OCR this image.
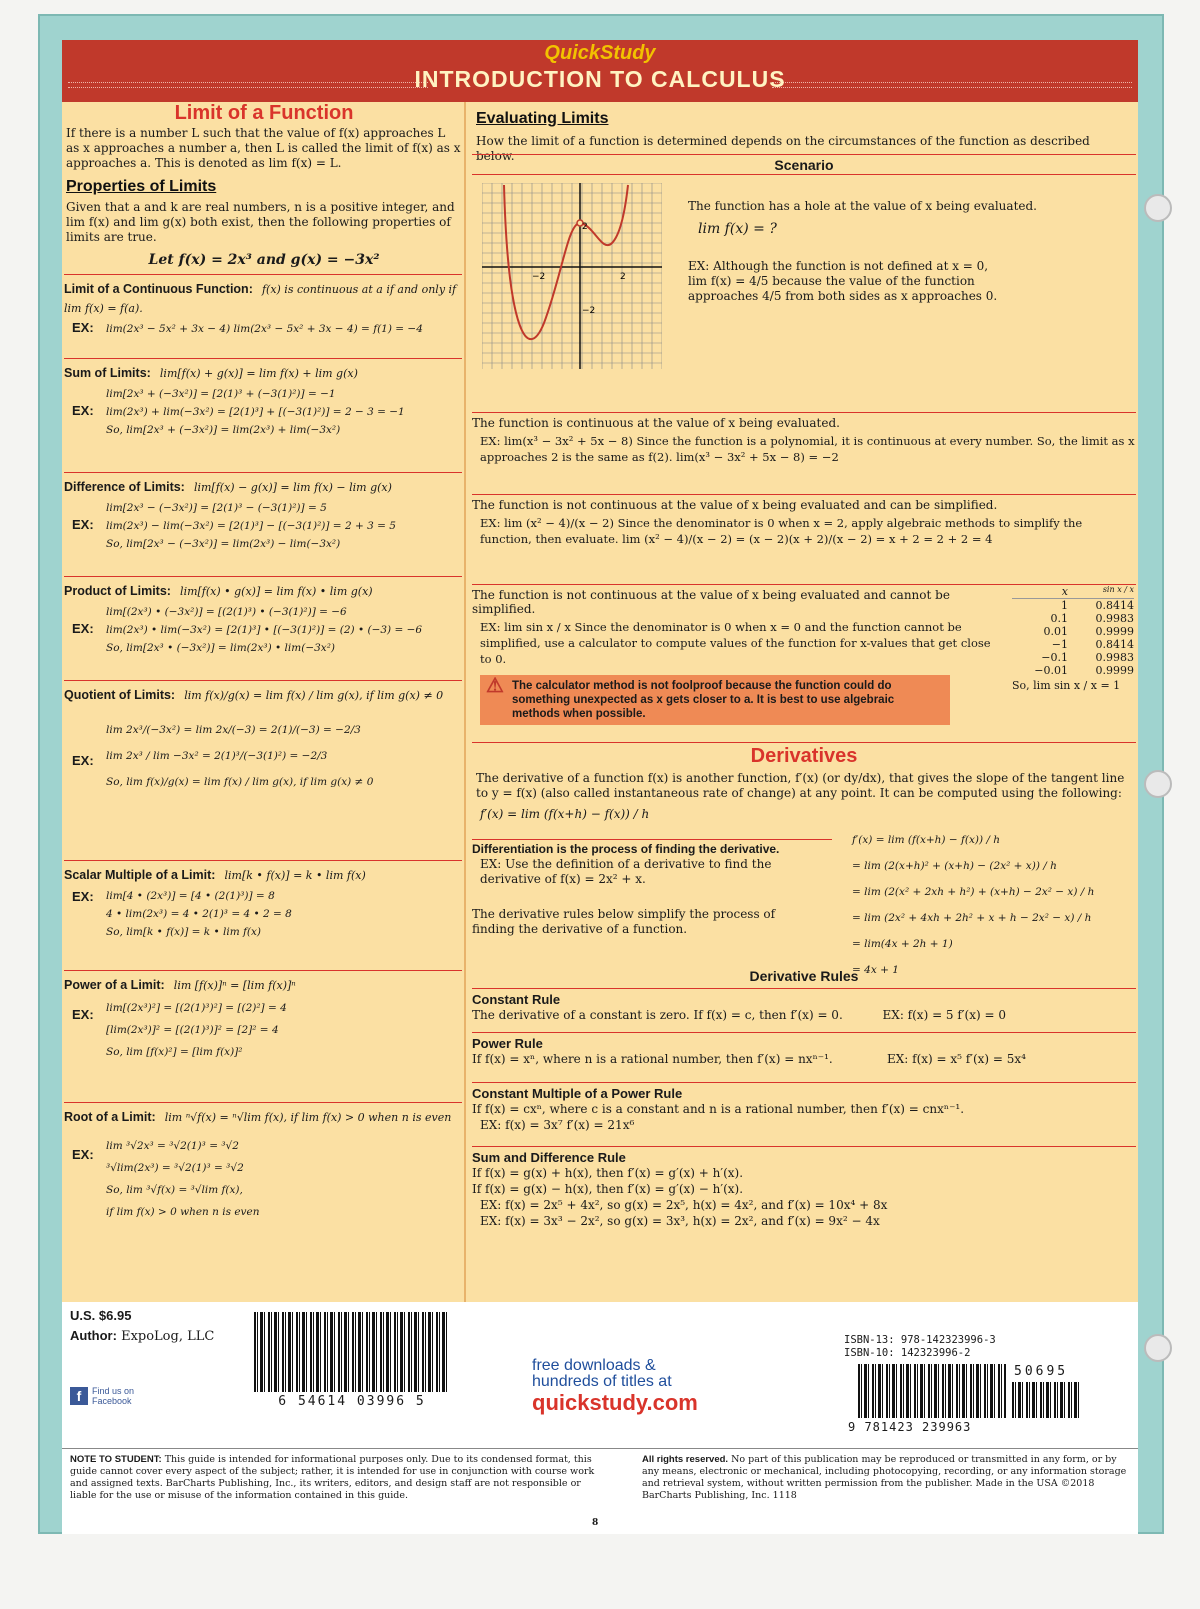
QuickStudy
INTRODUCTION TO CALCULUS
Limit of a Function
If there is a number L such that the value of f(x) approaches L as x approaches a number a, then L is called the limit of f(x) as x approaches a. This is denoted as lim f(x) = L.
Properties of Limits
Given that a and k are real numbers, n is a positive integer, and lim f(x) and lim g(x) both exist, then the following properties of limits are true.
Let f(x) = 2x³ and g(x) = −3x²
Limit of a Continuous Function: f(x) is continuous at a if and only if lim f(x) = f(a).
EX: lim(2x³ − 5x² + 3x − 4) lim(2x³ − 5x² + 3x − 4) = f(1) = −4
Sum of Limits: lim[f(x) + g(x)] = lim f(x) + lim g(x)
EX:
lim[2x³ + (−3x²)] = [2(1)³ + (−3(1)²)] = −1
lim(2x³) + lim(−3x²) = [2(1)³] + [(−3(1)²)] = 2 − 3 = −1
So, lim[2x³ + (−3x²)] = lim(2x³) + lim(−3x²)
Difference of Limits: lim[f(x) − g(x)] = lim f(x) − lim g(x)
EX:
lim[2x³ − (−3x²)] = [2(1)³ − (−3(1)²)] = 5
lim(2x³) − lim(−3x²) = [2(1)³] − [(−3(1)²)] = 2 + 3 = 5
So, lim[2x³ − (−3x²)] = lim(2x³) − lim(−3x²)
Product of Limits: lim[f(x) • g(x)] = lim f(x) • lim g(x)
EX:
lim[(2x³) • (−3x²)] = [(2(1)³) • (−3(1)²)] = −6
lim(2x³) • lim(−3x²) = [2(1)³] • [(−3(1)²)] = (2) • (−3) = −6
So, lim[2x³ • (−3x²)] = lim(2x³) • lim(−3x²)
Quotient of Limits: lim f(x)/g(x) = lim f(x) / lim g(x), if lim g(x) ≠ 0
EX:
lim 2x³/(−3x²) = lim 2x/(−3) = 2(1)/(−3) = −2/3
lim 2x³ / lim −3x² = 2(1)³/(−3(1)²) = −2/3
So, lim f(x)/g(x) = lim f(x) / lim g(x), if lim g(x) ≠ 0
Scalar Multiple of a Limit: lim[k • f(x)] = k • lim f(x)
EX: lim[4 • (2x³)] = [4 • (2(1)³)] = 8
4 • lim(2x³) = 4 • 2(1)³ = 4 • 2 = 8
So, lim[k • f(x)] = k • lim f(x)
Power of a Limit: lim [f(x)]ⁿ = [lim f(x)]ⁿ
EX: lim[(2x³)²] = [(2(1)³)²] = [(2)²] = 4
[lim(2x³)]² = [(2(1)³)]² = [2]² = 4
So, lim [f(x)²] = [lim f(x)]²
Root of a Limit: lim ⁿ√f(x) = ⁿ√lim f(x), if lim f(x) > 0 when n is even
EX:
lim ³√2x³ = ³√2(1)³ = ³√2
³√lim(2x³) = ³√2(1)³ = ³√2
So, lim ³√f(x) = ³√lim f(x),
if lim f(x) > 0 when n is even
Evaluating Limits
How the limit of a function is determined depends on the circumstances of the function as described below.
Scenario
−2	2
2
−2
The function has a hole at the value of x being evaluated.
lim f(x) = ?
EX: Although the function is not defined at x = 0, lim f(x) = 4/5 because the value of the function approaches 4/5 from both sides as x approaches 0.
The function is continuous at the value of x being evaluated.
EX: lim(x³ − 3x² + 5x − 8) Since the function is a polynomial, it is continuous at every number. So, the limit as x approaches 2 is the same as f(2). lim(x³ − 3x² + 5x − 8) = −2
The function is not continuous at the value of x being evaluated and can be simplified.
EX: lim (x² − 4)/(x − 2) Since the denominator is 0 when x = 2, apply algebraic methods to simplify the function, then evaluate. lim (x² − 4)/(x − 2) = (x − 2)(x + 2)/(x − 2) = x + 2 = 2 + 2 = 4
The function is not continuous at the value of x being evaluated and cannot be simplified.
EX: lim sin x / x Since the denominator is 0 when x = 0 and the function cannot be simplified, use a calculator to compute values of the function for x-values that get close to 0.
⚠ The calculator method is not foolproof because the function could do something unexpected as x gets closer to a. It is best to use algebraic methods when possible.
x	sin x / x
1	0.8414
0.1	0.9983
0.01	0.9999
−1	0.8414
−0.1	0.9983
−0.01	0.9999
So, lim sin x / x = 1
Derivatives
The derivative of a function f(x) is another function, f′(x) (or dy/dx), that gives the slope of the tangent line to y = f(x) (also called instantaneous rate of change) at any point. It can be computed using the following:
f′(x) = lim (f(x+h) − f(x)) / h
Differentiation is the process of finding the derivative.
EX: Use the definition of a derivative to find the derivative of f(x) = 2x² + x.
The derivative rules below simplify the process of finding the derivative of a function.
f′(x) = lim (f(x+h) − f(x)) / h
= lim (2(x+h)² + (x+h) − (2x² + x)) / h
= lim (2(x² + 2xh + h²) + (x+h) − 2x² − x) / h
= lim (2x² + 4xh + 2h² + x + h − 2x² − x) / h
= lim(4x + 2h + 1)
= 4x + 1
Derivative Rules
Constant Rule
The derivative of a constant is zero. If f(x) = c, then f′(x) = 0.	EX: f(x) = 5 f′(x) = 0
Power Rule
If f(x) = xⁿ, where n is a rational number, then f′(x) = nxⁿ⁻¹.	EX: f(x) = x⁵ f′(x) = 5x⁴
Constant Multiple of a Power Rule
If f(x) = cxⁿ, where c is a constant and n is a rational number, then f′(x) = cnxⁿ⁻¹.
EX: f(x) = 3x⁷ f′(x) = 21x⁶
Sum and Difference Rule
If f(x) = g(x) + h(x), then f′(x) = g′(x) + h′(x).
If f(x) = g(x) − h(x), then f′(x) = g′(x) − h′(x).
EX: f(x) = 2x⁵ + 4x², so g(x) = 2x⁵, h(x) = 4x², and f′(x) = 10x⁴ + 8x
EX: f(x) = 3x³ − 2x², so g(x) = 3x³, h(x) = 2x², and f′(x) = 9x² − 4x
U.S. $6.95
Author: ExpoLog, LLC
f	Find us on Facebook	6 54614 03996 5
free downloads &
hundreds of titles at
quickstudy.com
ISBN-13: 978-142323996-3
ISBN-10: 142323996-2
50695
9 781423 239963
NOTE TO STUDENT: This guide is intended for informational purposes only. Due to its condensed format, this guide cannot cover every aspect of the subject; rather, it is intended for use in conjunction with course work and assigned texts. BarCharts Publishing, Inc., its writers, editors, and design staff are not responsible or liable for the use or misuse of the information contained in this guide.
All rights reserved. No part of this publication may be reproduced or transmitted in any form, or by any means, electronic or mechanical, including photocopying, recording, or any information storage and retrieval system, without written permission from the publisher. Made in the USA ©2018 BarCharts Publishing, Inc. 1118
8
